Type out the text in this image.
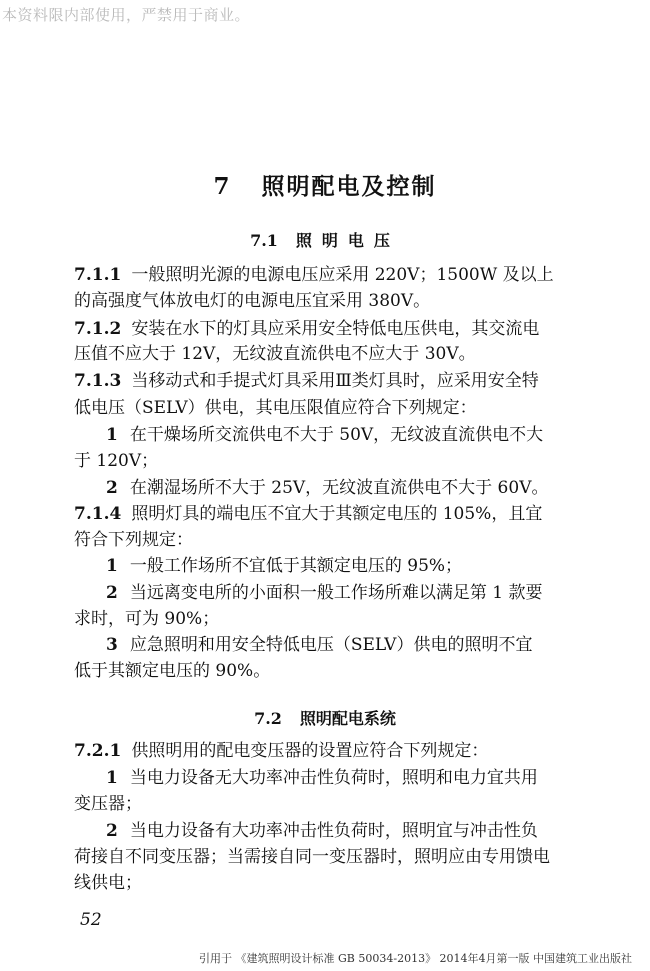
本资料限内部使用，严禁用于商业。
7 照明配电及控制
7.1 照明电压
7.1.1 一般照明光源的电源电压应采用 220V；1500W 及以上
的高强度气体放电灯的电源电压宜采用 380V。
7.1.2 安装在水下的灯具应采用安全特低电压供电，其交流电
压值不应大于 12V，无纹波直流供电不应大于 30V。
7.1.3 当移动式和手提式灯具采用Ⅲ类灯具时，应采用安全特
低电压（SELV）供电，其电压限值应符合下列规定：
1 在干燥场所交流供电不大于 50V，无纹波直流供电不大
于 120V；
2 在潮湿场所不大于 25V，无纹波直流供电不大于 60V。
7.1.4 照明灯具的端电压不宜大于其额定电压的 105%，且宜
符合下列规定：
1 一般工作场所不宜低于其额定电压的 95%；
2 当远离变电所的小面积一般工作场所难以满足第 1 款要
求时，可为 90%；
3 应急照明和用安全特低电压（SELV）供电的照明不宜
低于其额定电压的 90%。
7.2 照明配电系统
7.2.1 供照明用的配电变压器的设置应符合下列规定：
1 当电力设备无大功率冲击性负荷时，照明和电力宜共用
变压器；
2 当电力设备有大功率冲击性负荷时，照明宜与冲击性负
荷接自不同变压器；当需接自同一变压器时，照明应由专用馈电
线供电；
52
引用于 《建筑照明设计标准 GB 50034-2013》 2014年4月第一版 中国建筑工业出版社
